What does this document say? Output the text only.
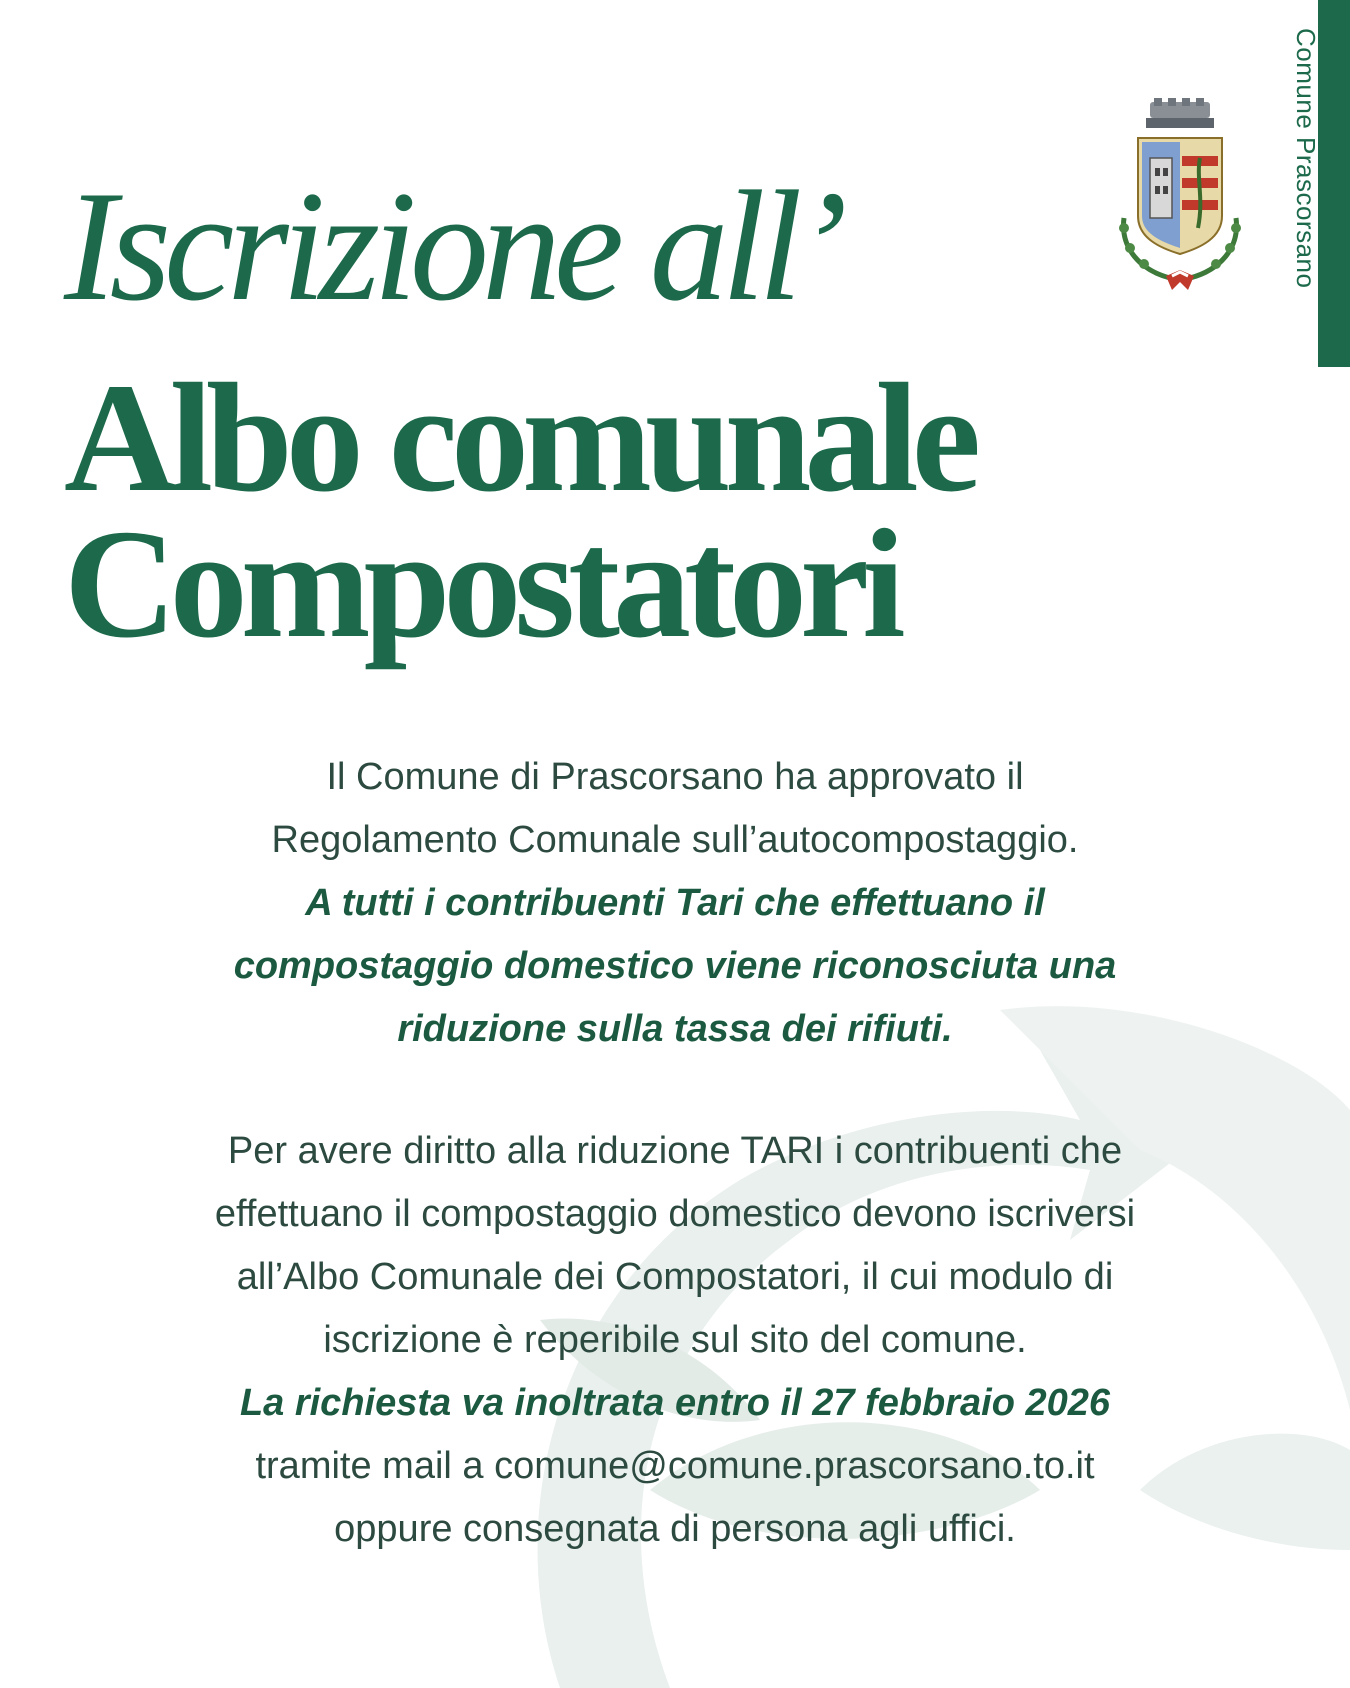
Comune Prascorsano
Iscrizione all’
Albo comunale
Compostatori

Il Comune di Prascorsano ha approvato il

Regolamento Comunale sull’autocompostaggio.

A tutti i contribuenti Tari che effettuano il

compostaggio domestico viene riconosciuta una

riduzione sulla tassa dei rifiuti.

Per avere diritto alla riduzione TARI i contribuenti che

effettuano il compostaggio domestico devono iscriversi

all’Albo Comunale dei Compostatori, il cui modulo di

iscrizione è reperibile sul sito del comune.

La richiesta va inoltrata entro il 27 febbraio 2026

tramite mail a comune@comune.prascorsano.to.it

oppure consegnata di persona agli uffici.
